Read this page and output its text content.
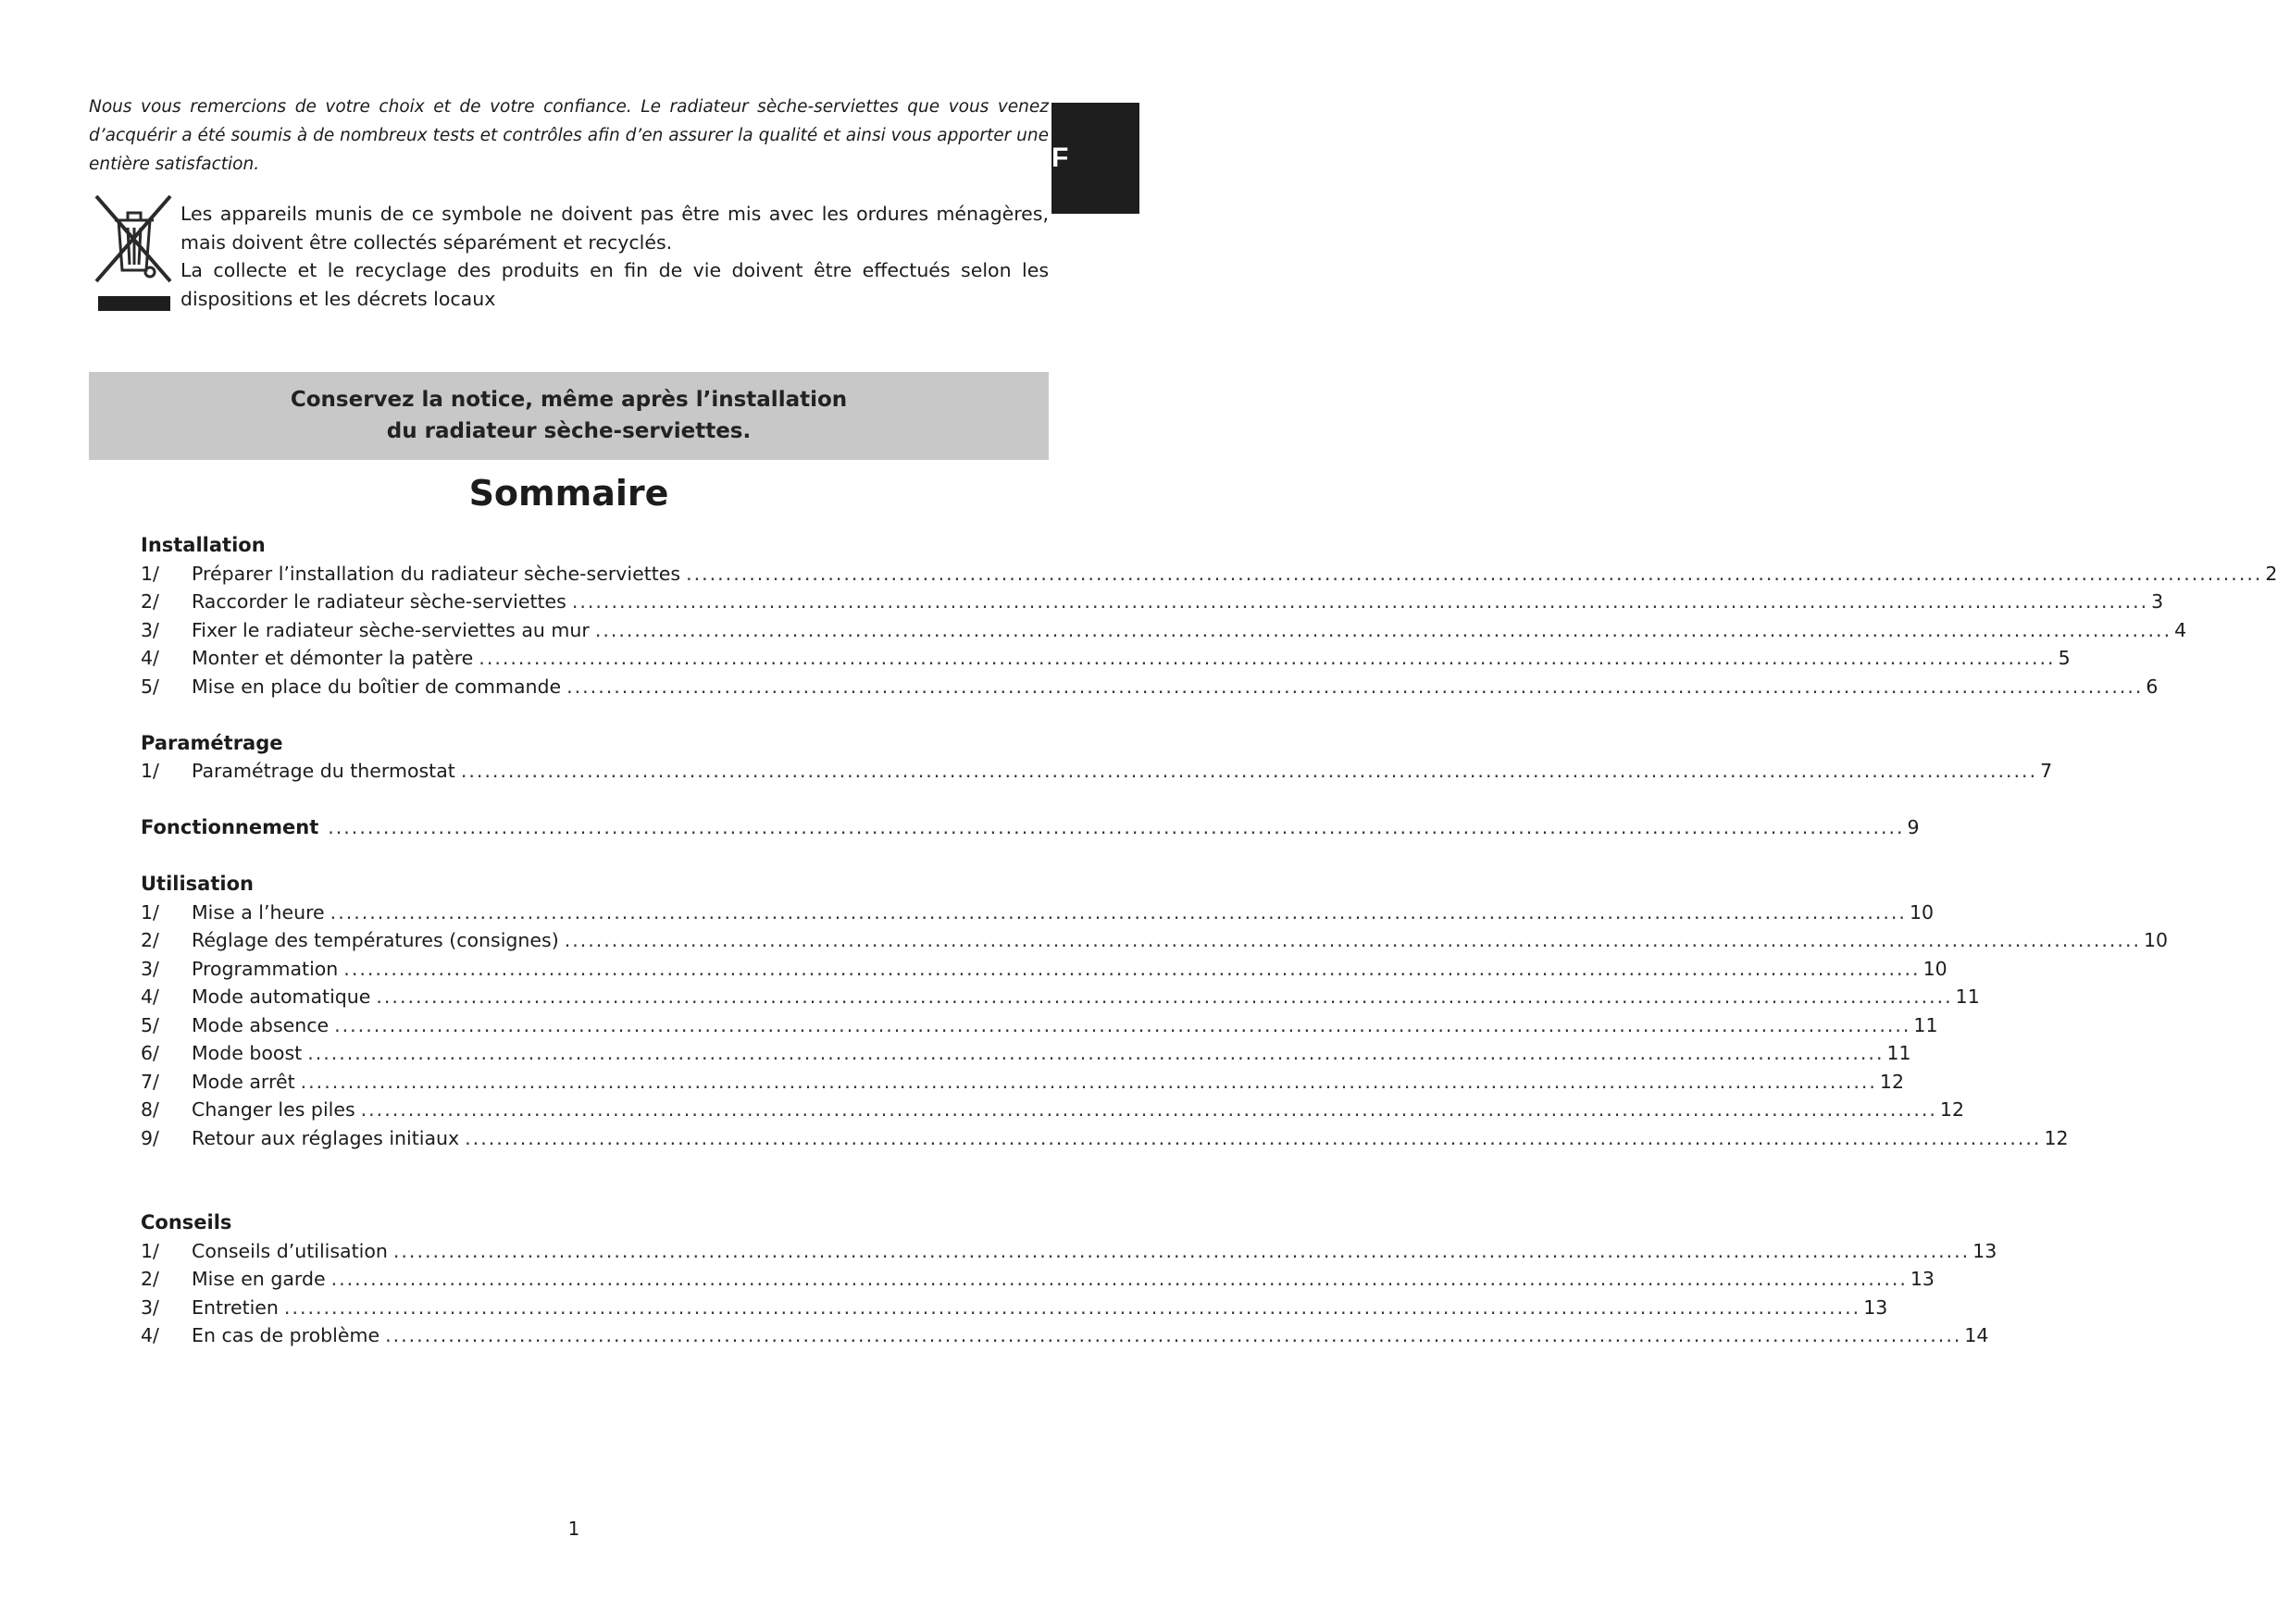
F
Nous vous remercions de votre choix et de votre confiance. Le radiateur sèche-serviettes que vous venez d’acquérir a été soumis à de nombreux tests et contrôles afin d’en assurer la qualité et ainsi vous apporter une entière satisfaction.

Les appareils munis de ce symbole ne doivent pas être mis avec les ordures ménagères, mais doivent être collectés séparément et recyclés.

La collecte et le recyclage des produits en fin de vie doivent être effectués selon les dispositions et les décrets locaux

Conservez la notice, même après l’installation
du radiateur sèche-serviettes.
Sommaire
Installation
1/	Préparer l’installation du radiateur sèche-serviettes ........................................................................................................................................................................................................ 2
2/	Raccorder le radiateur sèche-serviettes ........................................................................................................................................................................................................ 3
3/	Fixer le radiateur sèche-serviettes au mur ........................................................................................................................................................................................................ 4
4/	Monter et démonter la patère ........................................................................................................................................................................................................ 5
5/	Mise en place du boîtier de commande ........................................................................................................................................................................................................ 6
Paramétrage
1/	Paramétrage du thermostat ........................................................................................................................................................................................................ 7
Fonctionnement ........................................................................................................................................................................................................ 9
Utilisation
1/	Mise a l’heure ........................................................................................................................................................................................................ 10
2/	Réglage des températures (consignes) ........................................................................................................................................................................................................ 10
3/	Programmation ........................................................................................................................................................................................................ 10
4/	Mode automatique ........................................................................................................................................................................................................ 11
5/	Mode absence ........................................................................................................................................................................................................ 11
6/	Mode boost ........................................................................................................................................................................................................ 11
7/	Mode arrêt ........................................................................................................................................................................................................ 12
8/	Changer les piles ........................................................................................................................................................................................................ 12
9/	Retour aux réglages initiaux ........................................................................................................................................................................................................ 12
Conseils
1/	Conseils d’utilisation ........................................................................................................................................................................................................ 13
2/	Mise en garde ........................................................................................................................................................................................................ 13
3/	Entretien ........................................................................................................................................................................................................ 13
4/	En cas de problème ........................................................................................................................................................................................................ 14
1
